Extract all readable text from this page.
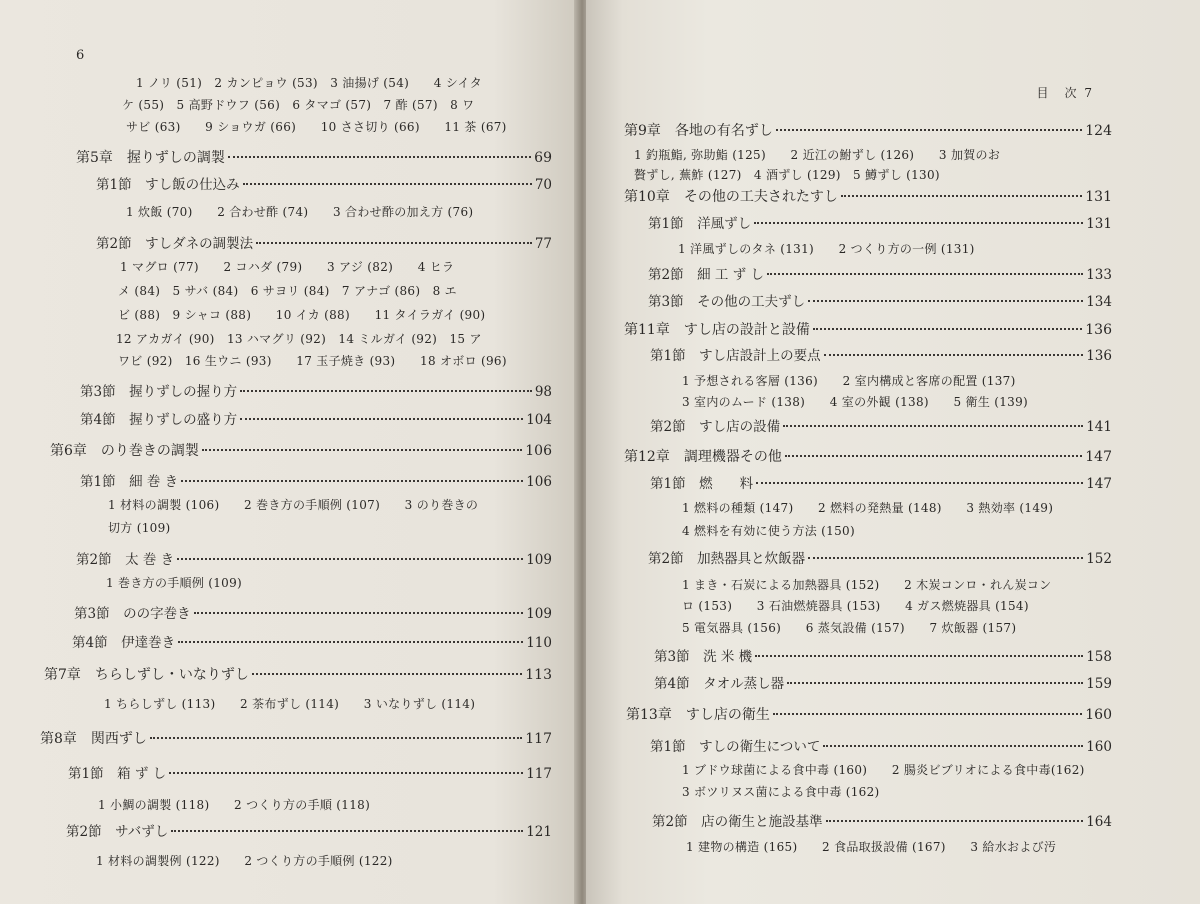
6
1 ノリ (51)　2 カンピョウ (53)　3 油揚げ (54)　　4 シイタ
ケ (55)　5 高野ドウフ (56)　6 タマゴ (57)　7 酢 (57)　8 ワ
サビ (63)　　9 ショウガ (66)　　10 ささ切り (66)　　11 茶 (67)
第5章　握りずしの調製	69
第1節　すし飯の仕込み	70
1 炊飯 (70)　　2 合わせ酢 (74)　　3 合わせ酢の加え方 (76)
第2節　すしダネの調製法	77
1 マグロ (77)　　2 コハダ (79)　　3 アジ (82)　　4 ヒラ
メ (84)　5 サバ (84)　6 サヨリ (84)　7 アナゴ (86)　8 エ
ビ (88)　9 シャコ (88)　　10 イカ (88)　　11 タイラガイ (90)
12 アカガイ (90)　13 ハマグリ (92)　14 ミルガイ (92)　15 ア
ワビ (92)　16 生ウニ (93)　　17 玉子焼き (93)　　18 オボロ (96)
第3節　握りずしの握り方	98
第4節　握りずしの盛り方	104
第6章　のり巻きの調製	106
第1節　細 巻 き	106
1 材料の調製 (106)　　2 巻き方の手順例 (107)　　3 のり巻きの
切方 (109)
第2節　太 巻 き	109
1 巻き方の手順例 (109)
第3節　のの字巻き	109
第4節　伊達巻き	110
第7章　ちらしずし・いなりずし	113
1 ちらしずし (113)　　2 茶布ずし (114)　　3 いなりずし (114)
第8章　関西ずし	117
第1節　箱 ず し	117
1 小鯛の調製 (118)　　2 つくり方の手順 (118)
第2節　サバずし	121
1 材料の調製例 (122)　　2 つくり方の手順例 (122)
目　次 7
第9章　各地の有名ずし	124
1 釣瓶鮨, 弥助鮨 (125)　　2 近江の鮒ずし (126)　　3 加賀のお
贅ずし, 蕪鮓 (127)　4 酒ずし (129)　5 鱒ずし (130)
第10章　その他の工夫されたすし	131
第1節　洋風ずし	131
1 洋風ずしのタネ (131)　　2 つくり方の一例 (131)
第2節　細 工 ず し	133
第3節　その他の工夫ずし	134
第11章　すし店の設計と設備	136
第1節　すし店設計上の要点	136
1 予想される客層 (136)　　2 室内構成と客席の配置 (137)
3 室内のムード (138)　　4 室の外観 (138)　　5 衛生 (139)
第2節　すし店の設備	141
第12章　調理機器その他	147
第1節　燃　　料	147
1 燃料の種類 (147)　　2 燃料の発熱量 (148)　　3 熱効率 (149)
4 燃料を有効に使う方法 (150)
第2節　加熱器具と炊飯器	152
1 まき・石炭による加熱器具 (152)　　2 木炭コンロ・れん炭コン
ロ (153)　　3 石油燃焼器具 (153)　　4 ガス燃焼器具 (154)
5 電気器具 (156)　　6 蒸気設備 (157)　　7 炊飯器 (157)
第3節　洗 米 機	158
第4節　タオル蒸し器	159
第13章　すし店の衛生	160
第1節　すしの衛生について	160
1 ブドウ球菌による食中毒 (160)　　2 腸炎ビブリオによる食中毒(162)
3 ボツリヌス菌による食中毒 (162)
第2節　店の衛生と施設基準	164
1 建物の構造 (165)　　2 食品取扱設備 (167)　　3 給水および汚
